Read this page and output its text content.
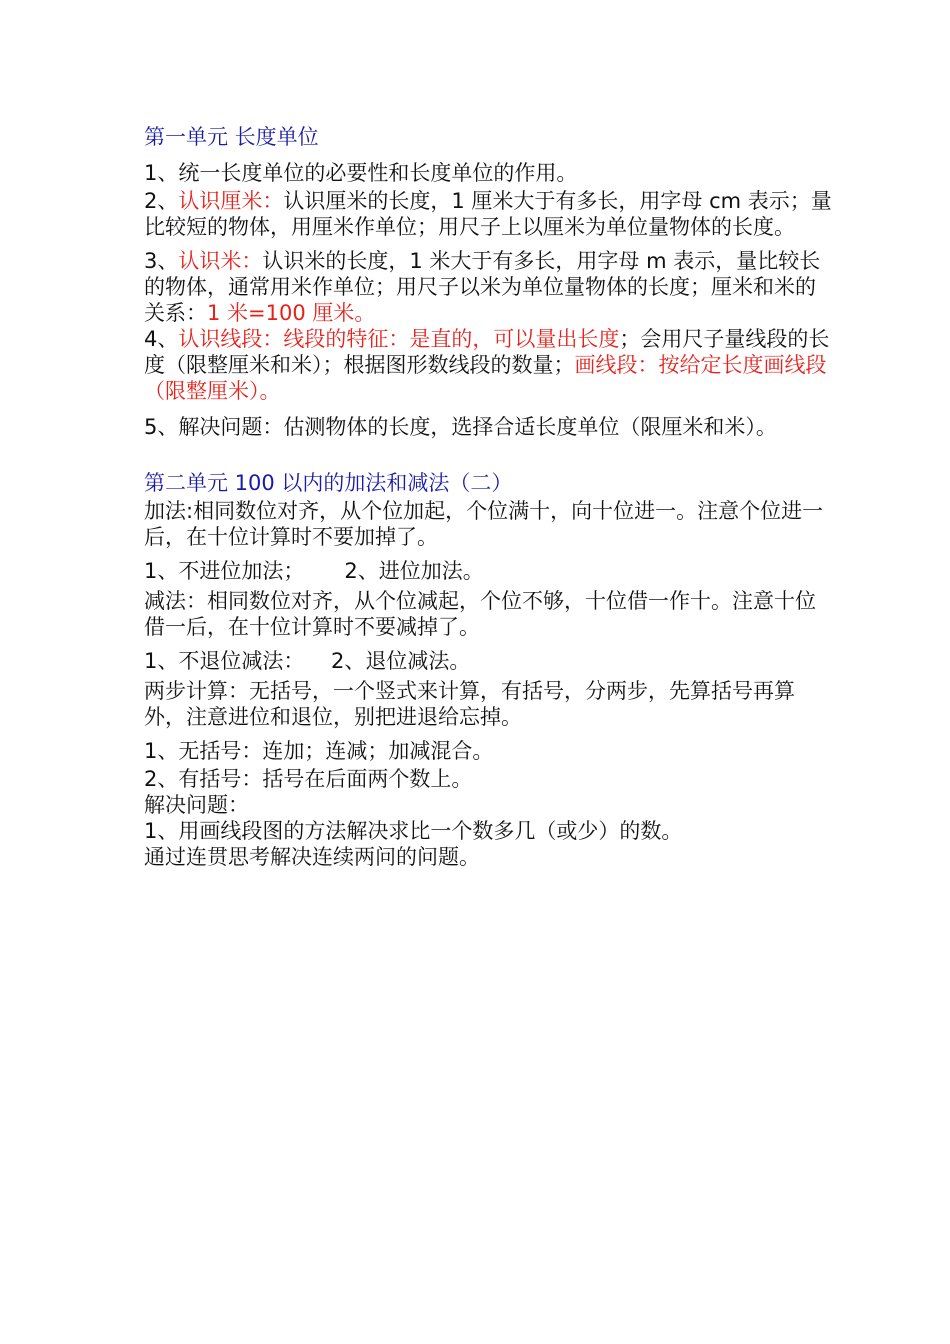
第一单元 长度单位

1、统一长度单位的必要性和长度单位的作用。

2、认识厘米：认识厘米的长度，1 厘米大于有多长，用字母 cm 表示；量比较短的物体，用厘米作单位；用尺子上以厘米为单位量物体的长度。

3、认识米：认识米的长度，1 米大于有多长，用字母 m 表示，量比较长的物体，通常用米作单位；用尺子以米为单位量物体的长度；厘米和米的关系：1 米=100 厘米。

4、认识线段：线段的特征：是直的，可以量出长度；会用尺子量线段的长度（限整厘米和米）；根据图形数线段的数量；画线段：按给定长度画线段（限整厘米）。

5、解决问题：估测物体的长度，选择合适长度单位（限厘米和米）。

第二单元 100 以内的加法和减法（二）

加法:相同数位对齐，从个位加起，个位满十，向十位进一。注意个位进一后，在十位计算时不要加掉了。

1、不进位加法；      2、进位加法。

减法：相同数位对齐，从个位减起，个位不够，十位借一作十。注意十位借一后，在十位计算时不要减掉了。

1、不退位减法：    2、退位减法。

两步计算：无括号，一个竖式来计算，有括号，分两步，先算括号再算外，注意进位和退位，别把进退给忘掉。

1、无括号：连加；连减；加减混合。

2、有括号：括号在后面两个数上。

解决问题：

1、用画线段图的方法解决求比一个数多几（或少）的数。

通过连贯思考解决连续两问的问题。
